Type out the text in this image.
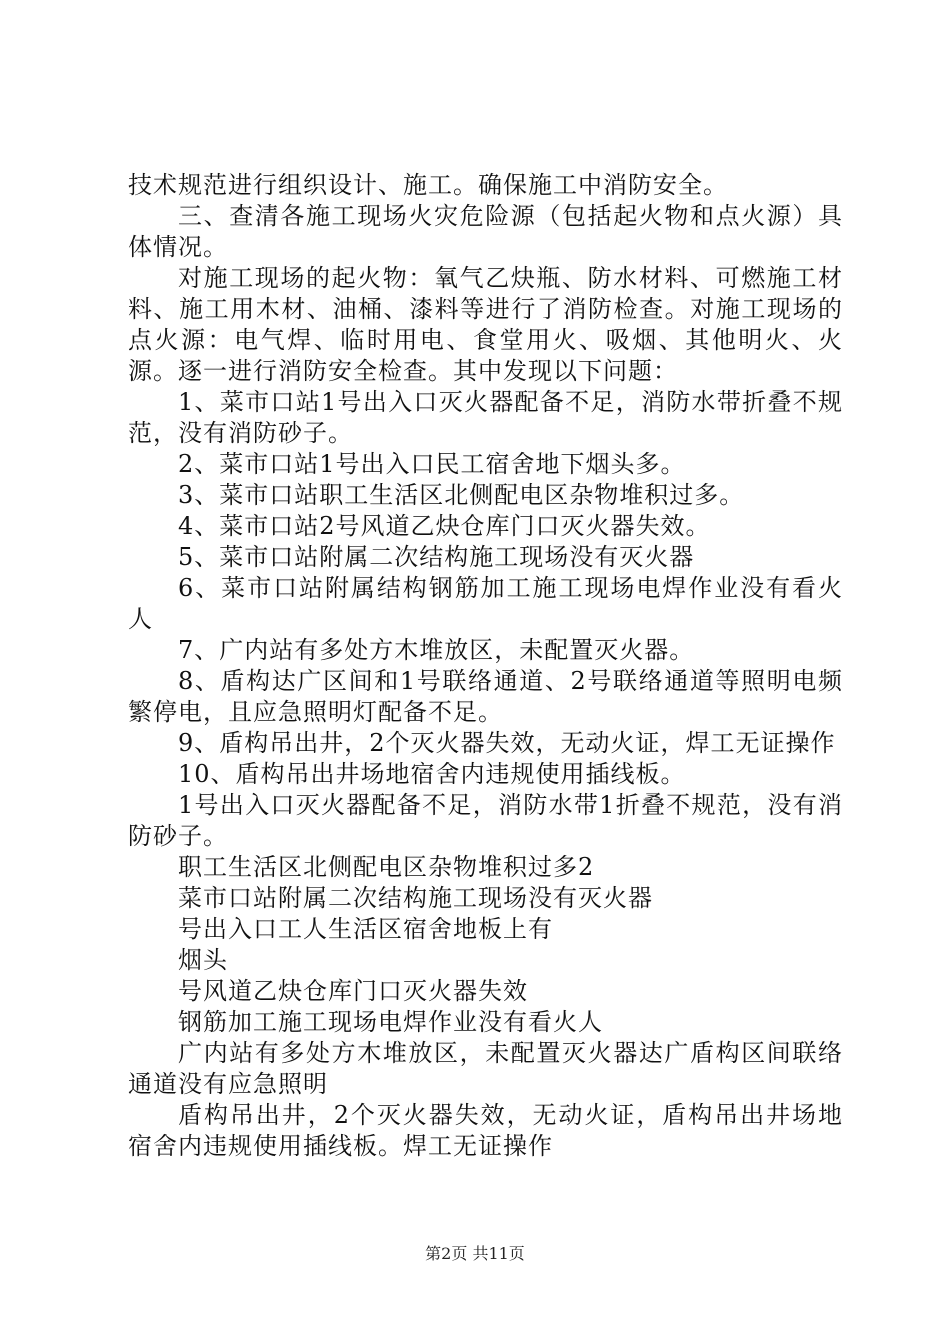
技术规范进行组织设计、施工。确保施工中消防安全。

三、查清各施工现场火灾危险源（包括起火物和点火源）具体情况。

对施工现场的起火物：氧气乙炔瓶、防水材料、可燃施工材料、施工用木材、油桶、漆料等进行了消防检查。对施工现场的点火源：电气焊、临时用电、食堂用火、吸烟、其他明火、火源。逐一进行消防安全检查。其中发现以下问题：

1、菜市口站1号出入口灭火器配备不足，消防水带折叠不规范，没有消防砂子。

2、菜市口站1号出入口民工宿舍地下烟头多。

3、菜市口站职工生活区北侧配电区杂物堆积过多。

4、菜市口站2号风道乙炔仓库门口灭火器失效。

5、菜市口站附属二次结构施工现场没有灭火器

6、菜市口站附属结构钢筋加工施工现场电焊作业没有看火人

7、广内站有多处方木堆放区，未配置灭火器。

8、盾构达广区间和1号联络通道、2号联络通道等照明电频繁停电，且应急照明灯配备不足。

9、盾构吊出井，2个灭火器失效，无动火证，焊工无证操作

10、盾构吊出井场地宿舍内违规使用插线板。

1号出入口灭火器配备不足，消防水带1折叠不规范，没有消防砂子。

职工生活区北侧配电区杂物堆积过多2

菜市口站附属二次结构施工现场没有灭火器

号出入口工人生活区宿舍地板上有

烟头

号风道乙炔仓库门口灭火器失效

钢筋加工施工现场电焊作业没有看火人

广内站有多处方木堆放区，未配置灭火器达广盾构区间联络通道没有应急照明

盾构吊出井，2个灭火器失效，无动火证，盾构吊出井场地宿舍内违规使用插线板。焊工无证操作

第2页 共11页
